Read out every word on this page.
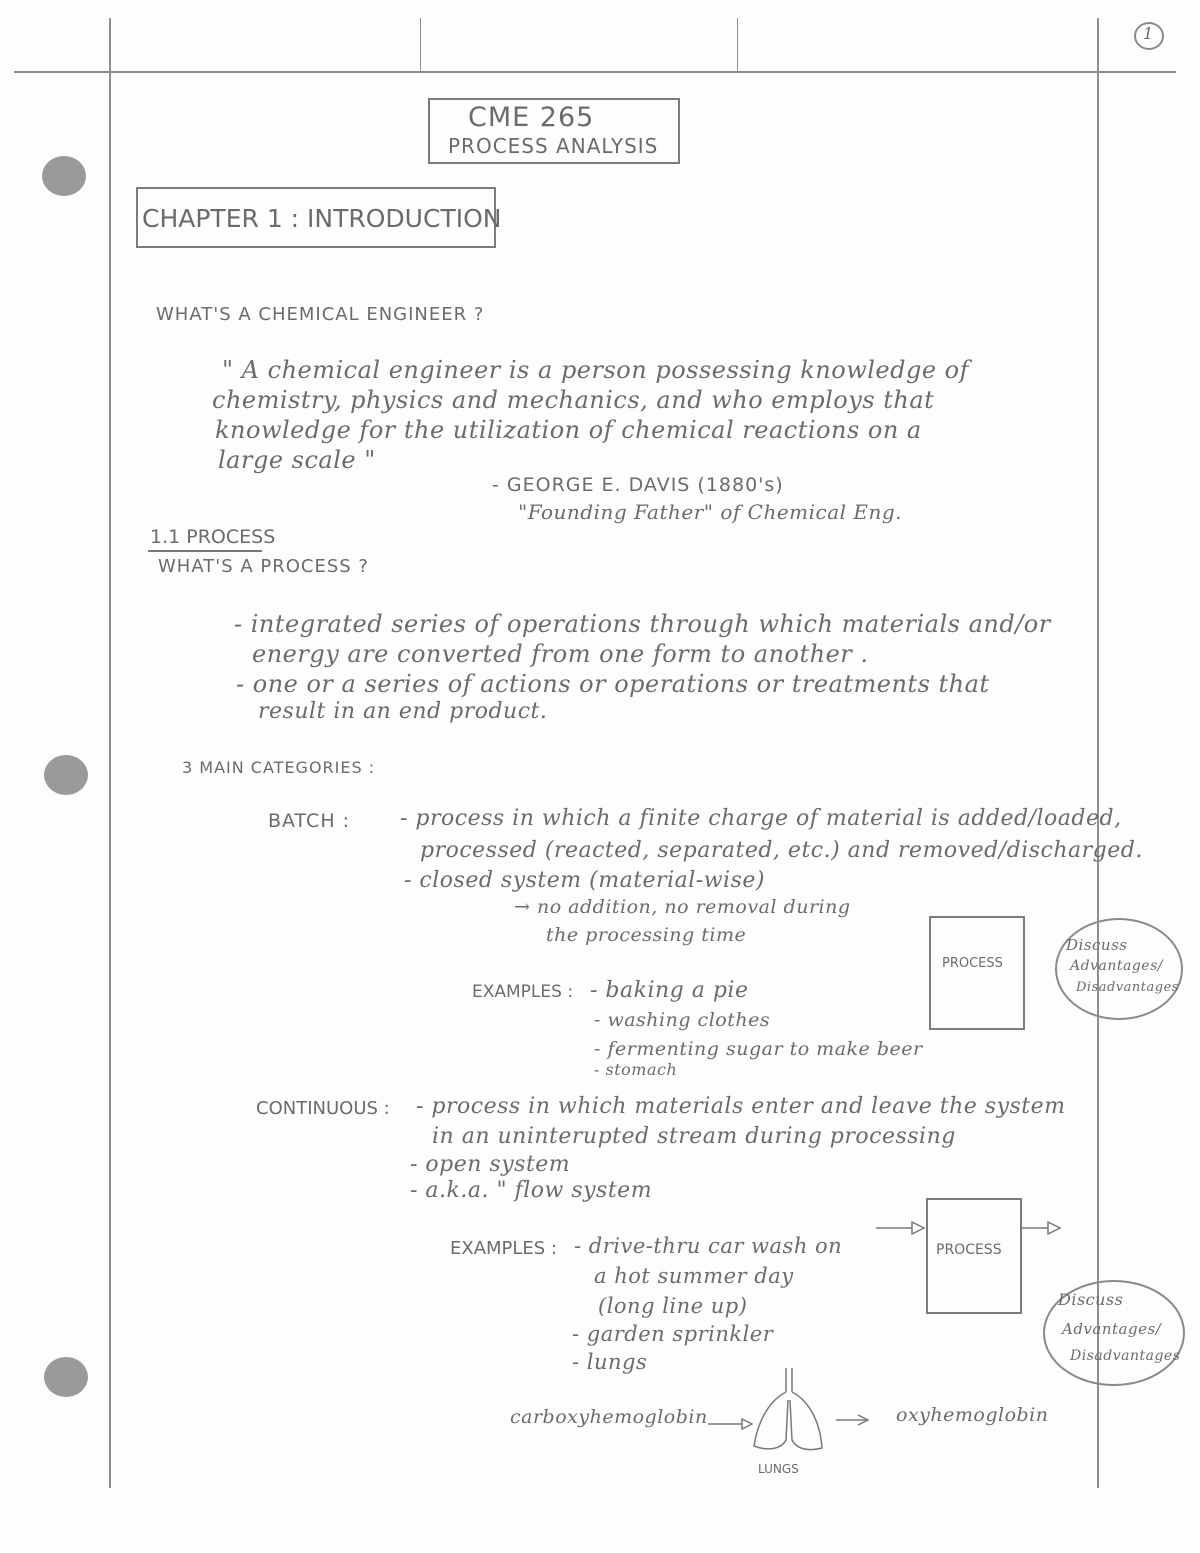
1
CME 265
PROCESS ANALYSIS
CHAPTER 1 : INTRODUCTION
WHAT'S A CHEMICAL ENGINEER ?
" A chemical engineer is a person possessing knowledge of
chemistry, physics and mechanics, and who employs that
knowledge for the utilization of chemical reactions on a
large scale "
- GEORGE E. DAVIS (1880's)
"Founding Father" of Chemical Eng.
1.1 PROCESS
WHAT'S A PROCESS ?
- integrated series of operations through which materials and/or
energy are converted from one form to another .
- one or a series of actions or operations or treatments that
result in an end product.
3 MAIN CATEGORIES :
BATCH : - process in which a finite charge of material is added/loaded,
processed (reacted, separated, etc.) and removed/discharged.
- closed system (material-wise)
→ no addition, no removal during
the processing time
EXAMPLES : - baking a pie
- washing clothes
- fermenting sugar to make beer
- stomach
PROCESS
Discuss
Advantages/
Disadvantages
CONTINUOUS : - process in which materials enter and leave the system
in an uninterupted stream during processing
- open system
- a.k.a. " flow system
EXAMPLES : - drive-thru car wash on
a hot summer day
(long line up)
- garden sprinkler
- lungs
PROCESS
Discuss
Advantages/
Disadvantages
carboxyhemoglobin	oxyhemoglobin
LUNGS
